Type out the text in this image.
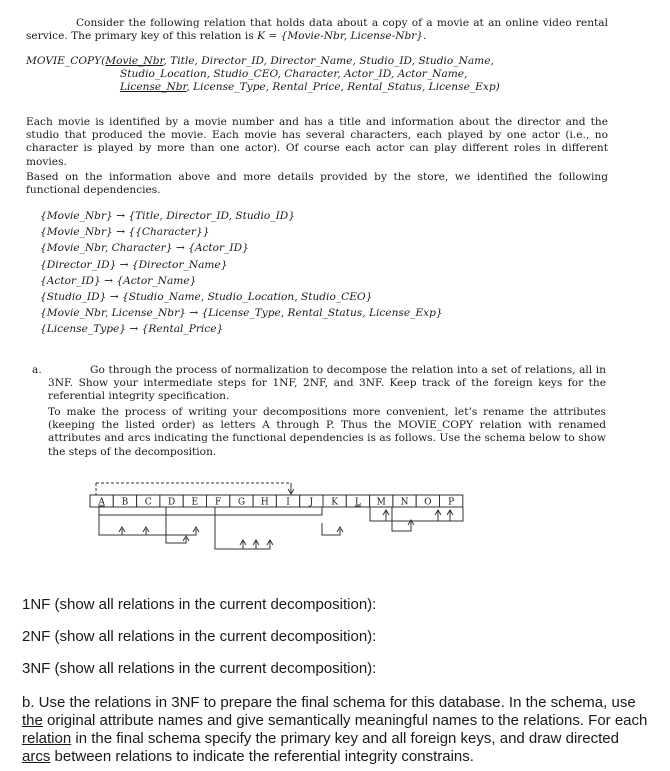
Consider the following relation that holds data about a copy of a movie at an online video rental service. The primary key of this relation is K = {Movie-Nbr, License-Nbr}.
MOVIE_COPY(Movie_Nbr, Title, Director_ID, Director_Name, Studio_ID, Studio_Name,
Studio_Location, Studio_CEO, Character, Actor_ID, Actor_Name,
License_Nbr, License_Type, Rental_Price, Rental_Status, License_Exp)
Each movie is identified by a movie number and has a title and information about the director and the studio that produced the movie. Each movie has several characters, each played by one actor (i.e., no character is played by more than one actor). Of course each actor can play different roles in different movies.
Based on the information above and more details provided by the store, we identified the following functional dependencies.
{Movie_Nbr} → {Title, Director_ID, Studio_ID}
{Movie_Nbr} → {{Character}}
{Movie_Nbr, Character} → {Actor_ID}
{Director_ID} → {Director_Name}
{Actor_ID} → {Actor_Name}
{Studio_ID} → {Studio_Name, Studio_Location, Studio_CEO}
{Movie_Nbr, License_Nbr} → {License_Type, Rental_Status, License_Exp}
{License_Type} → {Rental_Price}
a.	Go through the process of normalization to decompose the relation into a set of relations, all in 3NF. Show your intermediate steps for 1NF, 2NF, and 3NF. Keep track of the foreign keys for the referential integrity specification.
To make the process of writing your decompositions more convenient, let’s rename the attributes (keeping the listed order) as letters A through P. Thus the MOVIE_COPY relation with renamed attributes and arcs indicating the functional dependencies is as follows. Use the schema below to show the steps of the decomposition.
A B C D E F G H I J K L M N O P
1NF (show all relations in the current decomposition):
2NF (show all relations in the current decomposition):
3NF (show all relations in the current decomposition):
b. Use the relations in 3NF to prepare the final schema for this database. In the schema, use
the original attribute names and give semantically meaningful names to the relations. For each
relation in the final schema specify the primary key and all foreign keys, and draw directed
arcs between relations to indicate the referential integrity constrains.
